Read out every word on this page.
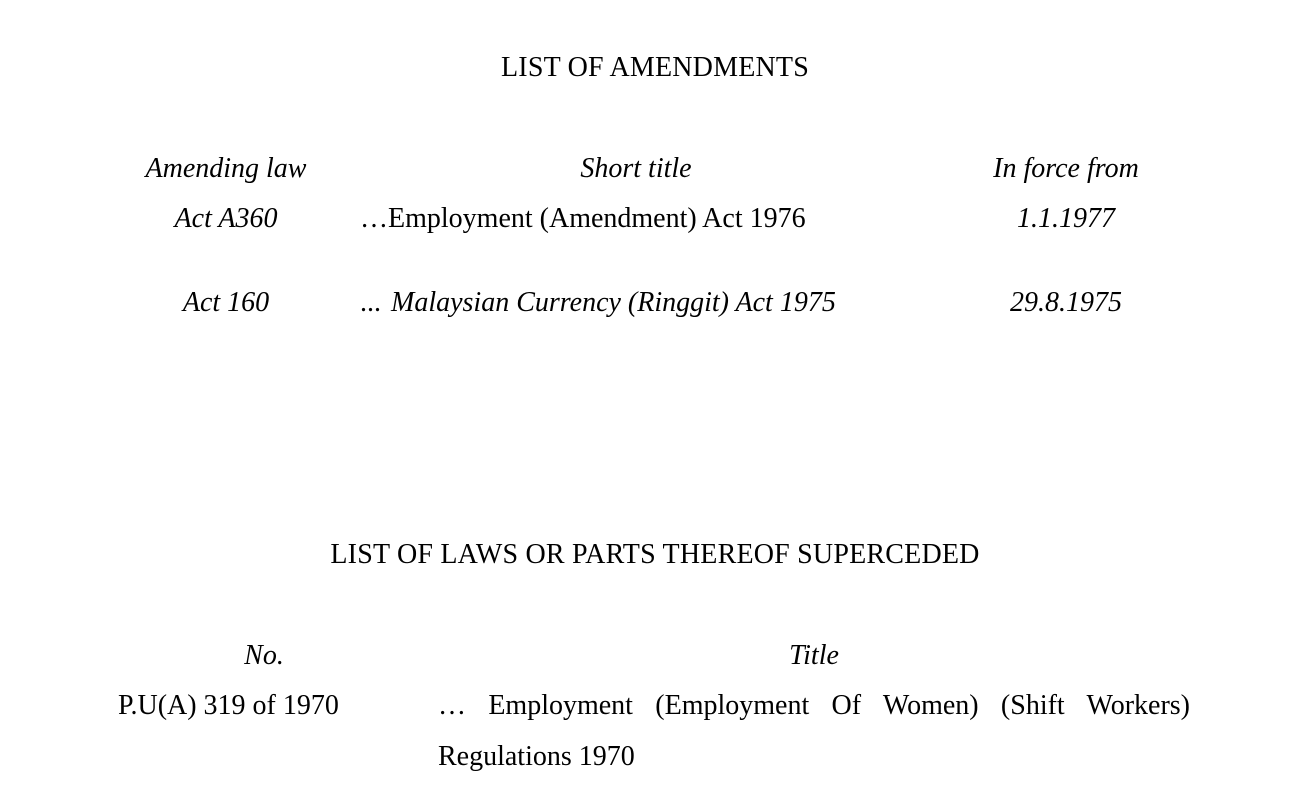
LIST OF AMENDMENTS
Amending law	Short title	In force from
Act A360	…Employment (Amendment) Act 1976	1.1.1977
Act 160	... Malaysian Currency (Ringgit) Act 1975	29.8.1975
LIST OF LAWS OR PARTS THEREOF SUPERCEDED
No.	Title
P.U(A) 319 of 1970	… Employment (Employment Of Women) (Shift Workers)
Regulations 1970
